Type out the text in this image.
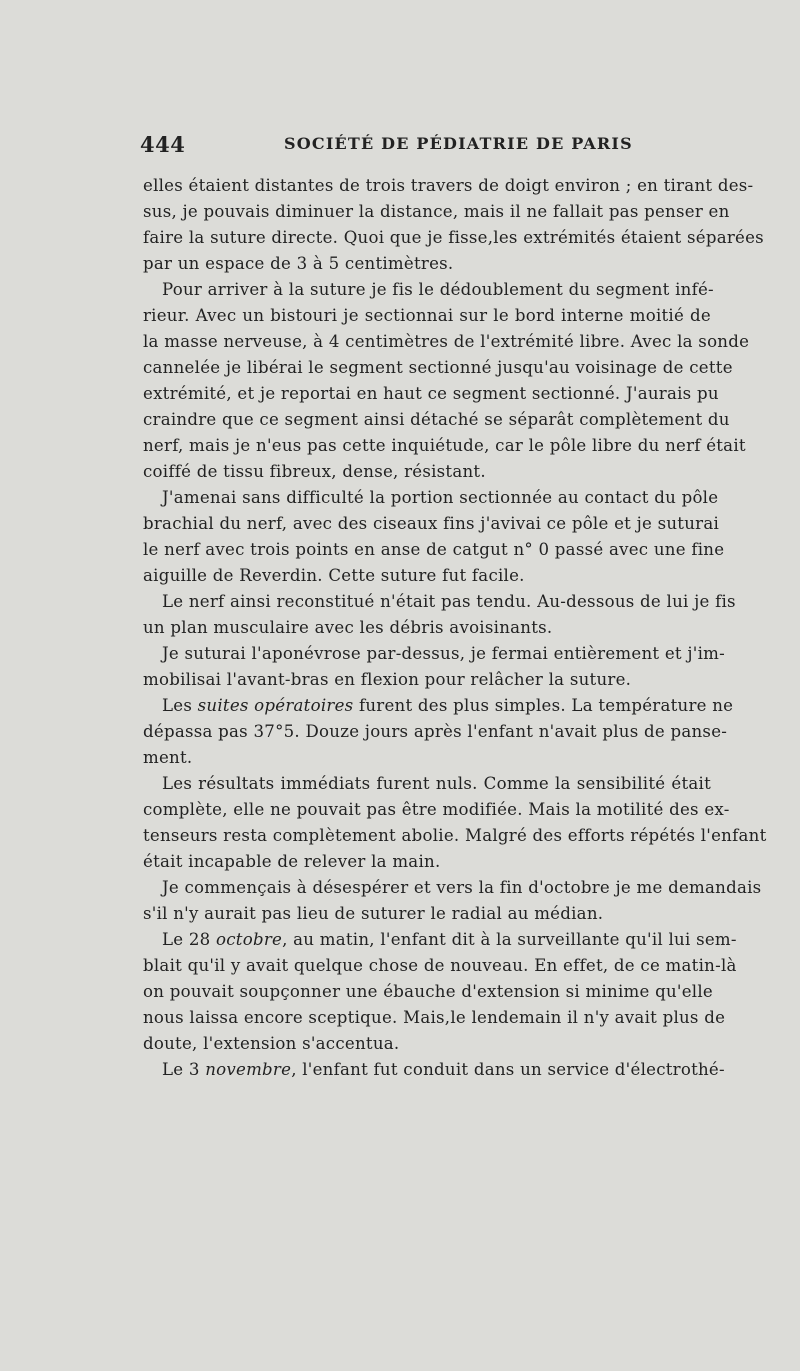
444	SOCIÉTÉ DE PÉDIATRIE DE PARIS
elles étaient distantes de trois travers de doigt environ ; en tirant des-
sus, je pouvais diminuer la distance, mais il ne fallait pas penser en
faire la suture directe. Quoi que je fisse,les extrémités étaient séparées
par un espace de 3 à 5 centimètres.
Pour arriver à la suture je fis le dédoublement du segment infé-
rieur. Avec un bistouri je sectionnai sur le bord interne moitié de
la masse nerveuse, à 4 centimètres de l'extrémité libre. Avec la sonde
cannelée je libérai le segment sectionné jusqu'au voisinage de cette
extrémité, et je reportai en haut ce segment sectionné. J'aurais pu
craindre que ce segment ainsi détaché se séparât complètement du
nerf, mais je n'eus pas cette inquiétude, car le pôle libre du nerf était
coiffé de tissu fibreux, dense, résistant.
J'amenai sans difficulté la portion sectionnée au contact du pôle
brachial du nerf, avec des ciseaux fins j'avivai ce pôle et je suturai
le nerf avec trois points en anse de catgut n° 0 passé avec une fine
aiguille de Reverdin. Cette suture fut facile.
Le nerf ainsi reconstitué n'était pas tendu. Au-dessous de lui je fis
un plan musculaire avec les débris avoisinants.
Je suturai l'aponévrose par-dessus, je fermai entièrement et j'im-
mobilisai l'avant-bras en flexion pour relâcher la suture.
Les suites opératoires furent des plus simples. La température ne
dépassa pas 37°5. Douze jours après l'enfant n'avait plus de panse-
ment.
Les résultats immédiats furent nuls. Comme la sensibilité était
complète, elle ne pouvait pas être modifiée. Mais la motilité des ex-
tenseurs resta complètement abolie. Malgré des efforts répétés l'enfant
était incapable de relever la main.
Je commençais à désespérer et vers la fin d'octobre je me demandais
s'il n'y aurait pas lieu de suturer le radial au médian.
Le 28 octobre, au matin, l'enfant dit à la surveillante qu'il lui sem-
blait qu'il y avait quelque chose de nouveau. En effet, de ce matin-là
on pouvait soupçonner une ébauche d'extension si minime qu'elle
nous laissa encore sceptique. Mais,le lendemain il n'y avait plus de
doute, l'extension s'accentua.
Le 3 novembre, l'enfant fut conduit dans un service d'électrothé-
